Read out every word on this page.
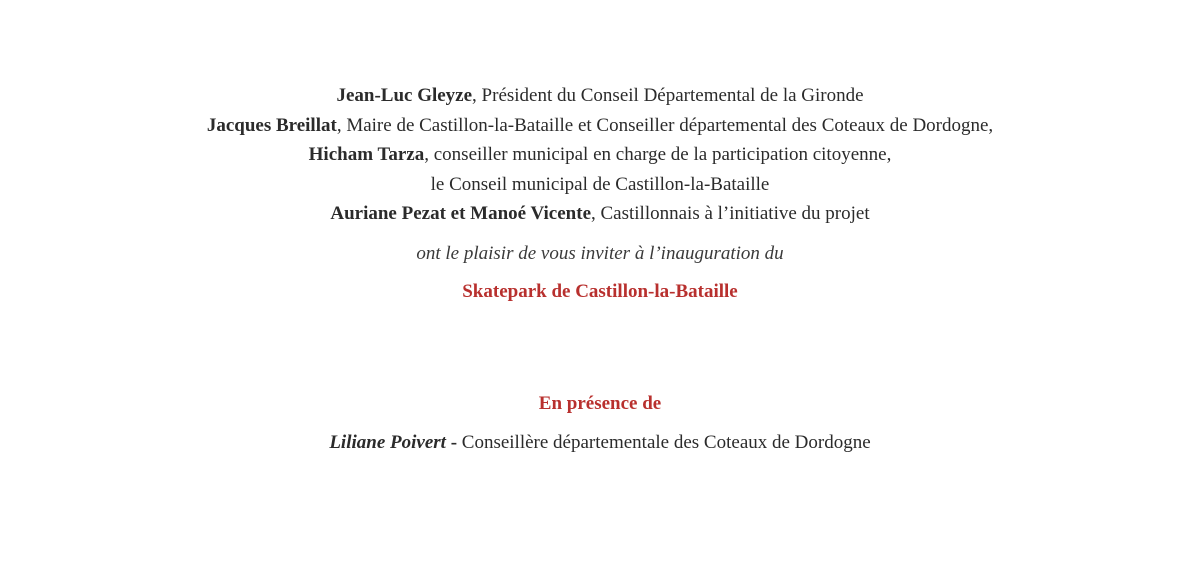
Jean-Luc Gleyze, Président du Conseil Départemental de la Gironde
Jacques Breillat, Maire de Castillon-la-Bataille et Conseiller départemental des Coteaux de Dordogne,
Hicham Tarza, conseiller municipal en charge de la participation citoyenne,
le Conseil municipal de Castillon-la-Bataille
Auriane Pezat et Manoé Vicente, Castillonnais à l’initiative du projet
ont le plaisir de vous inviter à l’inauguration du
Skatepark de Castillon-la-Bataille
En présence de
Liliane Poivert - Conseillère départementale des Coteaux de Dordogne
